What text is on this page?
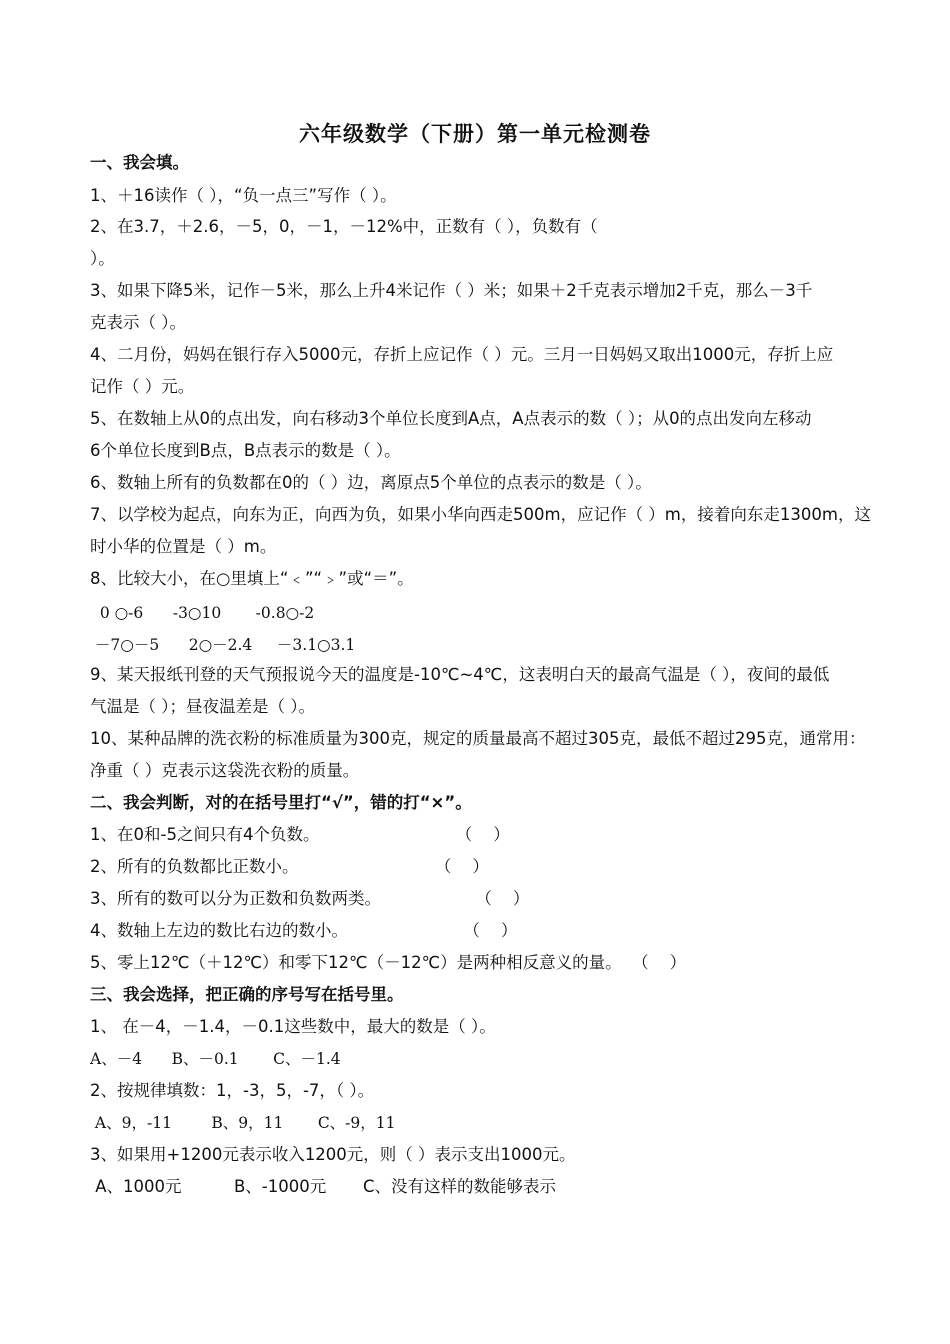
六年级数学（下册）第一单元检测卷
一、我会填。
1、＋16读作（ ），“负一点三”写作（ ）。
2、在3.7，＋2.6，－5，0，－1，－12%中，正数有（ ），负数有（
）。
3、如果下降5米，记作－5米，那么上升4米记作（ ）米；如果＋2千克表示增加2千克，那么－3千
克表示（ ）。
4、二月份，妈妈在银行存入5000元，存折上应记作（ ）元。三月一日妈妈又取出1000元，存折上应
记作（ ）元。
5、在数轴上从0的点出发，向右移动3个单位长度到A点，A点表示的数（ ）；从0的点出发向左移动
6个单位长度到B点，B点表示的数是（ ）。
6、数轴上所有的负数都在0的（ ）边，离原点5个单位的点表示的数是（ ）。
7、以学校为起点，向东为正，向西为负，如果小华向西走500m，应记作（ ）m，接着向东走1300m，这
时小华的位置是（ ）m。
8、比较大小，在○里填上“﹤”“﹥”或“＝”。
0 ○-6      -3○10       -0.8○-2
－7○－5      2○－2.4     －3.1○3.1
9、某天报纸刊登的天气预报说今天的温度是-10℃~4℃，这表明白天的最高气温是（ ），夜间的最低
气温是（ ）；昼夜温差是（ ）。
10、某种品牌的洗衣粉的标准质量为300克，规定的质量最高不超过305克，最低不超过295克，通常用：
净重（ ）克表示这袋洗衣粉的质量。
二、我会判断，对的在括号里打“√”，错的打“×”。
1、在0和-5之间只有4个负数。                          （    ）
2、所有的负数都比正数小。                          （    ）
3、所有的数可以分为正数和负数两类。                  （    ）
4、数轴上左边的数比右边的数小。                      （    ）
5、零上12℃（＋12℃）和零下12℃（－12℃）是两种相反意义的量。  （    ）
三、我会选择，把正确的序号写在括号里。
1、 在－4，－1.4，－0.1这些数中，最大的数是（ ）。
A、－4      B、－0.1       C、－1.4
2、按规律填数：1，-3，5，-7，（ ）。
A、9，-11        B、9，11       C、-9，11
3、如果用+1200元表示收入1200元，则（ ）表示支出1000元。
A、1000元          B、-1000元       C、没有这样的数能够表示
